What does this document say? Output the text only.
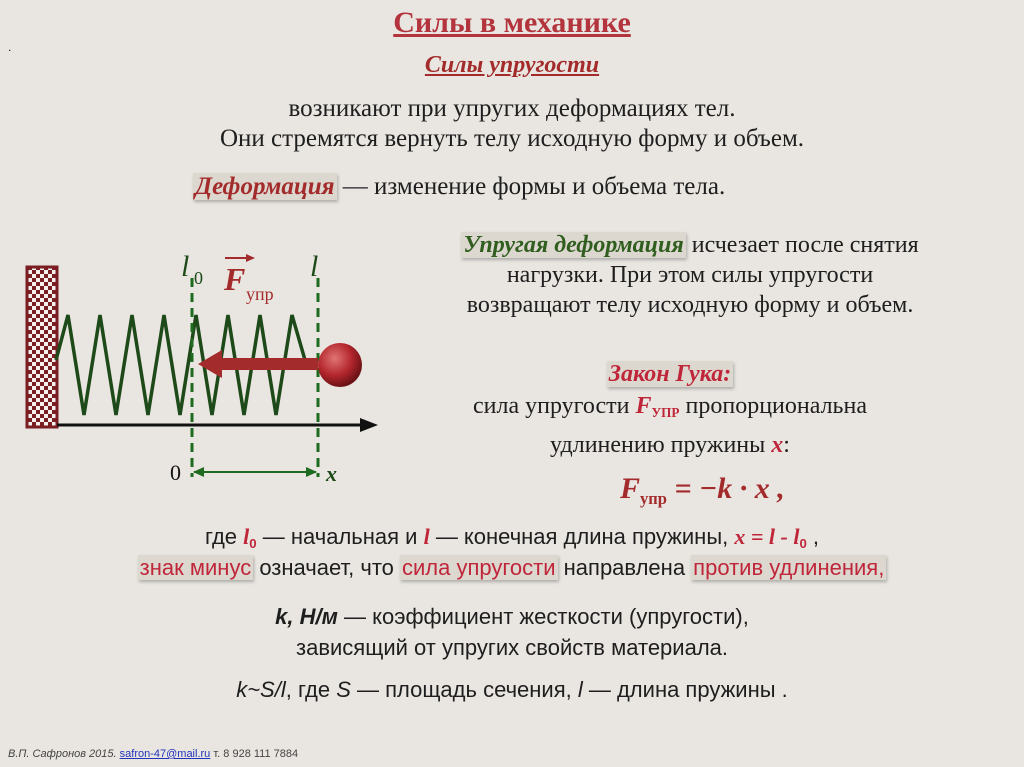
Силы в механике
.
Силы упругости
возникают при упругих деформациях тел.
Они стремятся вернуть телу исходную форму и объем.
Деформация — изменение формы и объема тела.
Упругая деформация исчезает после снятия
нагрузки. При этом силы упругости
возвращают телу исходную форму и объем.
Закон Гука:
сила упругости $F_{УПР}$ пропорциональна
удлинению пружины x:
$F_{упр} = -k \cdot x$ ,
где $l_0$ — начальная и l — конечная длина пружины, $x = l - l_0$ ,
знак минус означает, что сила упругости направлена против удлинения,
k, Н/м — коэффициент жесткости (упругости),
зависящий от упругих свойств материала.
k~S/l, где S — площадь сечения, l — длина пружины .
l 0 F упр
l
0	x
В.П. Сафронов 2015. safron-47@mail.ru т. 8 928 111 7884
